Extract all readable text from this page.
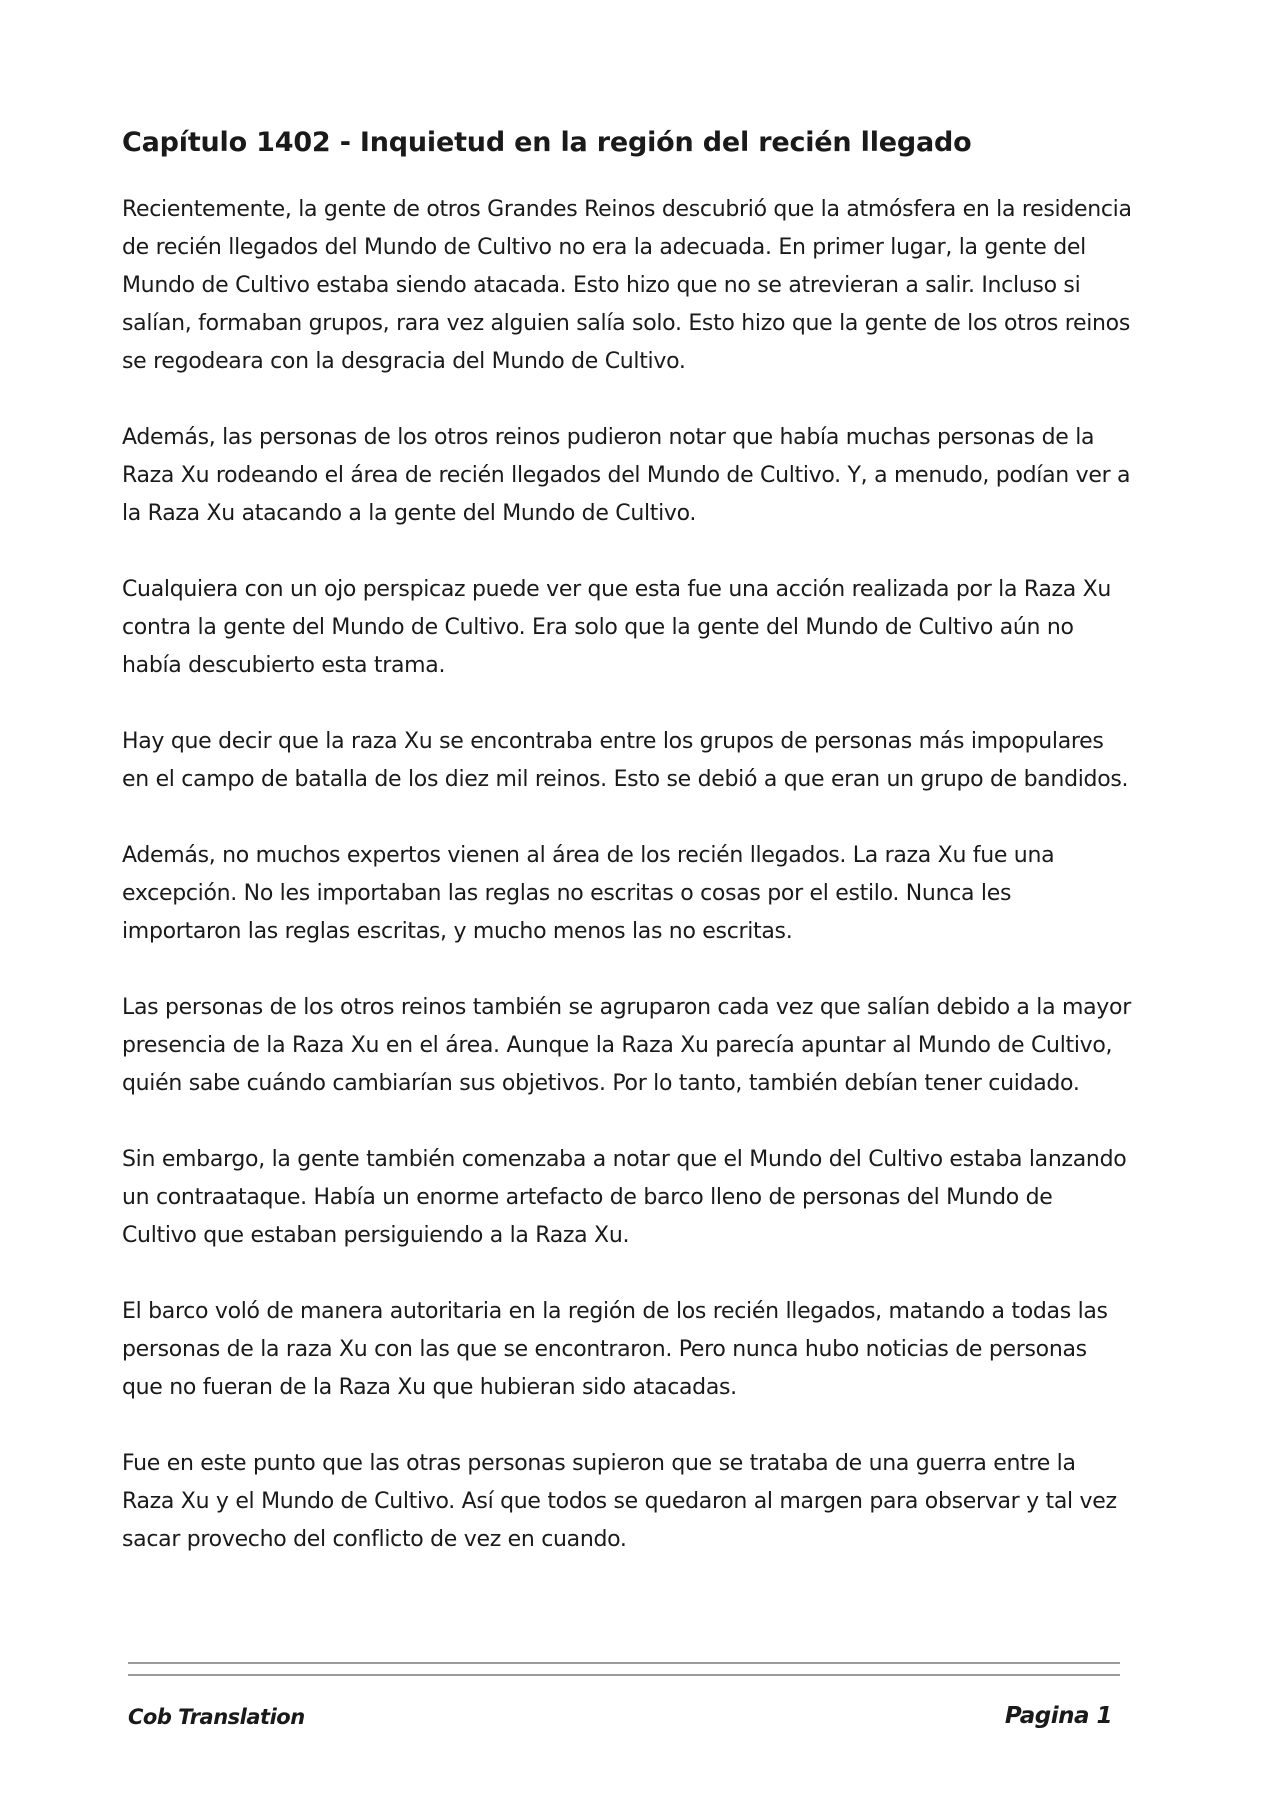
Capítulo 1402 - Inquietud en la región del recién llegado

Recientemente, la gente de otros Grandes Reinos descubrió que la atmósfera en la residencia de recién llegados del Mundo de Cultivo no era la adecuada. En primer lugar, la gente del Mundo de Cultivo estaba siendo atacada. Esto hizo que no se atrevieran a salir. Incluso si salían, formaban grupos, rara vez alguien salía solo. Esto hizo que la gente de los otros reinos se regodeara con la desgracia del Mundo de Cultivo.

Además, las personas de los otros reinos pudieron notar que había muchas personas de la Raza Xu rodeando el área de recién llegados del Mundo de Cultivo. Y, a menudo, podían ver a la Raza Xu atacando a la gente del Mundo de Cultivo.

Cualquiera con un ojo perspicaz puede ver que esta fue una acción realizada por la Raza Xu contra la gente del Mundo de Cultivo. Era solo que la gente del Mundo de Cultivo aún no había descubierto esta trama.

Hay que decir que la raza Xu se encontraba entre los grupos de personas más impopulares en el campo de batalla de los diez mil reinos. Esto se debió a que eran un grupo de bandidos.

Además, no muchos expertos vienen al área de los recién llegados. La raza Xu fue una excepción. No les importaban las reglas no escritas o cosas por el estilo. Nunca les importaron las reglas escritas, y mucho menos las no escritas.

Las personas de los otros reinos también se agruparon cada vez que salían debido a la mayor presencia de la Raza Xu en el área. Aunque la Raza Xu parecía apuntar al Mundo de Cultivo, quién sabe cuándo cambiarían sus objetivos. Por lo tanto, también debían tener cuidado.

Sin embargo, la gente también comenzaba a notar que el Mundo del Cultivo estaba lanzando un contraataque. Había un enorme artefacto de barco lleno de personas del Mundo de Cultivo que estaban persiguiendo a la Raza Xu.

El barco voló de manera autoritaria en la región de los recién llegados, matando a todas las personas de la raza Xu con las que se encontraron. Pero nunca hubo noticias de personas que no fueran de la Raza Xu que hubieran sido atacadas.

Fue en este punto que las otras personas supieron que se trataba de una guerra entre la Raza Xu y el Mundo de Cultivo. Así que todos se quedaron al margen para observar y tal vez sacar provecho del conflicto de vez en cuando.

Cob Translation	Pagina 1
